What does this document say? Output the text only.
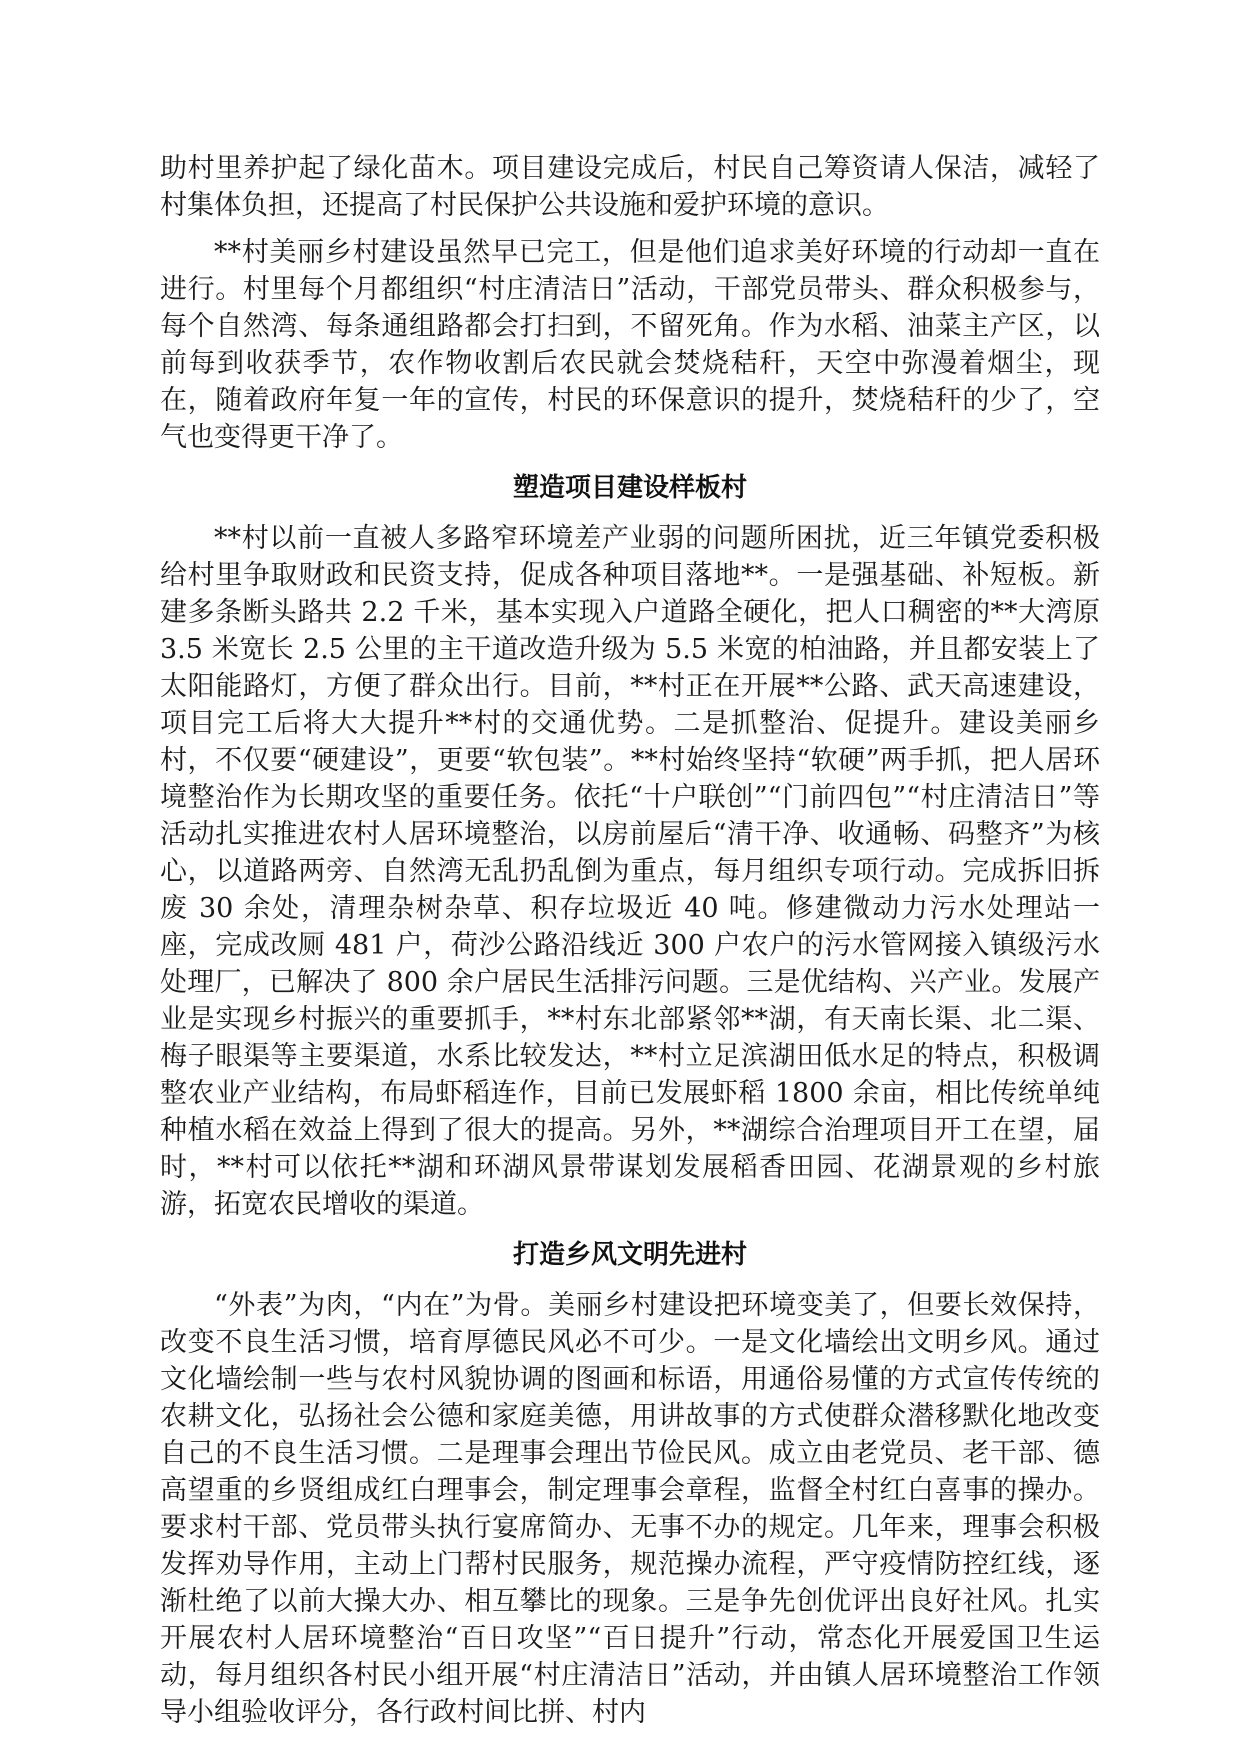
助村里养护起了绿化苗木。项目建设完成后，村民自己筹资请人保洁，减轻了村集体负担，还提高了村民保护公共设施和爱护环境的意识。

**村美丽乡村建设虽然早已完工，但是他们追求美好环境的行动却一直在进行。村里每个月都组织“村庄清洁日”活动，干部党员带头、群众积极参与，每个自然湾、每条通组路都会打扫到，不留死角。作为水稻、油菜主产区，以前每到收获季节，农作物收割后农民就会焚烧秸秆，天空中弥漫着烟尘，现在，随着政府年复一年的宣传，村民的环保意识的提升，焚烧秸秆的少了，空气也变得更干净了。

塑造项目建设样板村

**村以前一直被人多路窄环境差产业弱的问题所困扰，近三年镇党委积极给村里争取财政和民资支持，促成各种项目落地**。一是强基础、补短板。新建多条断头路共 2.2 千米，基本实现入户道路全硬化，把人口稠密的**大湾原 3.5 米宽长 2.5 公里的主干道改造升级为 5.5 米宽的柏油路，并且都安装上了太阳能路灯，方便了群众出行。目前，**村正在开展**公路、武天高速建设，项目完工后将大大提升**村的交通优势。二是抓整治、促提升。建设美丽乡村，不仅要“硬建设”，更要“软包装”。**村始终坚持“软硬”两手抓，把人居环境整治作为长期攻坚的重要任务。依托“十户联创”“门前四包”“村庄清洁日”等活动扎实推进农村人居环境整治，以房前屋后“清干净、收通畅、码整齐”为核心，以道路两旁、自然湾无乱扔乱倒为重点，每月组织专项行动。完成拆旧拆废 30 余处，清理杂树杂草、积存垃圾近 40 吨。修建微动力污水处理站一座，完成改厕 481 户，荷沙公路沿线近 300 户农户的污水管网接入镇级污水处理厂，已解决了 800 余户居民生活排污问题。三是优结构、兴产业。发展产业是实现乡村振兴的重要抓手，**村东北部紧邻**湖，有天南长渠、北二渠、梅子眼渠等主要渠道，水系比较发达，**村立足滨湖田低水足的特点，积极调整农业产业结构，布局虾稻连作，目前已发展虾稻 1800 余亩，相比传统单纯种植水稻在效益上得到了很大的提高。另外，**湖综合治理项目开工在望，届时，**村可以依托**湖和环湖风景带谋划发展稻香田园、花湖景观的乡村旅游，拓宽农民增收的渠道。

打造乡风文明先进村

“外表”为肉，“内在”为骨。美丽乡村建设把环境变美了，但要长效保持，改变不良生活习惯，培育厚德民风必不可少。一是文化墙绘出文明乡风。通过文化墙绘制一些与农村风貌协调的图画和标语，用通俗易懂的方式宣传传统的农耕文化，弘扬社会公德和家庭美德，用讲故事的方式使群众潜移默化地改变自己的不良生活习惯。二是理事会理出节俭民风。成立由老党员、老干部、德高望重的乡贤组成红白理事会，制定理事会章程，监督全村红白喜事的操办。要求村干部、党员带头执行宴席简办、无事不办的规定。几年来，理事会积极发挥劝导作用，主动上门帮村民服务，规范操办流程，严守疫情防控红线，逐渐杜绝了以前大操大办、相互攀比的现象。三是争先创优评出良好社风。扎实开展农村人居环境整治“百日攻坚”“百日提升”行动，常态化开展爱国卫生运动，每月组织各村民小组开展“村庄清洁日”活动，并由镇人居环境整治工作领导小组验收评分，各行政村间比拼、村内
